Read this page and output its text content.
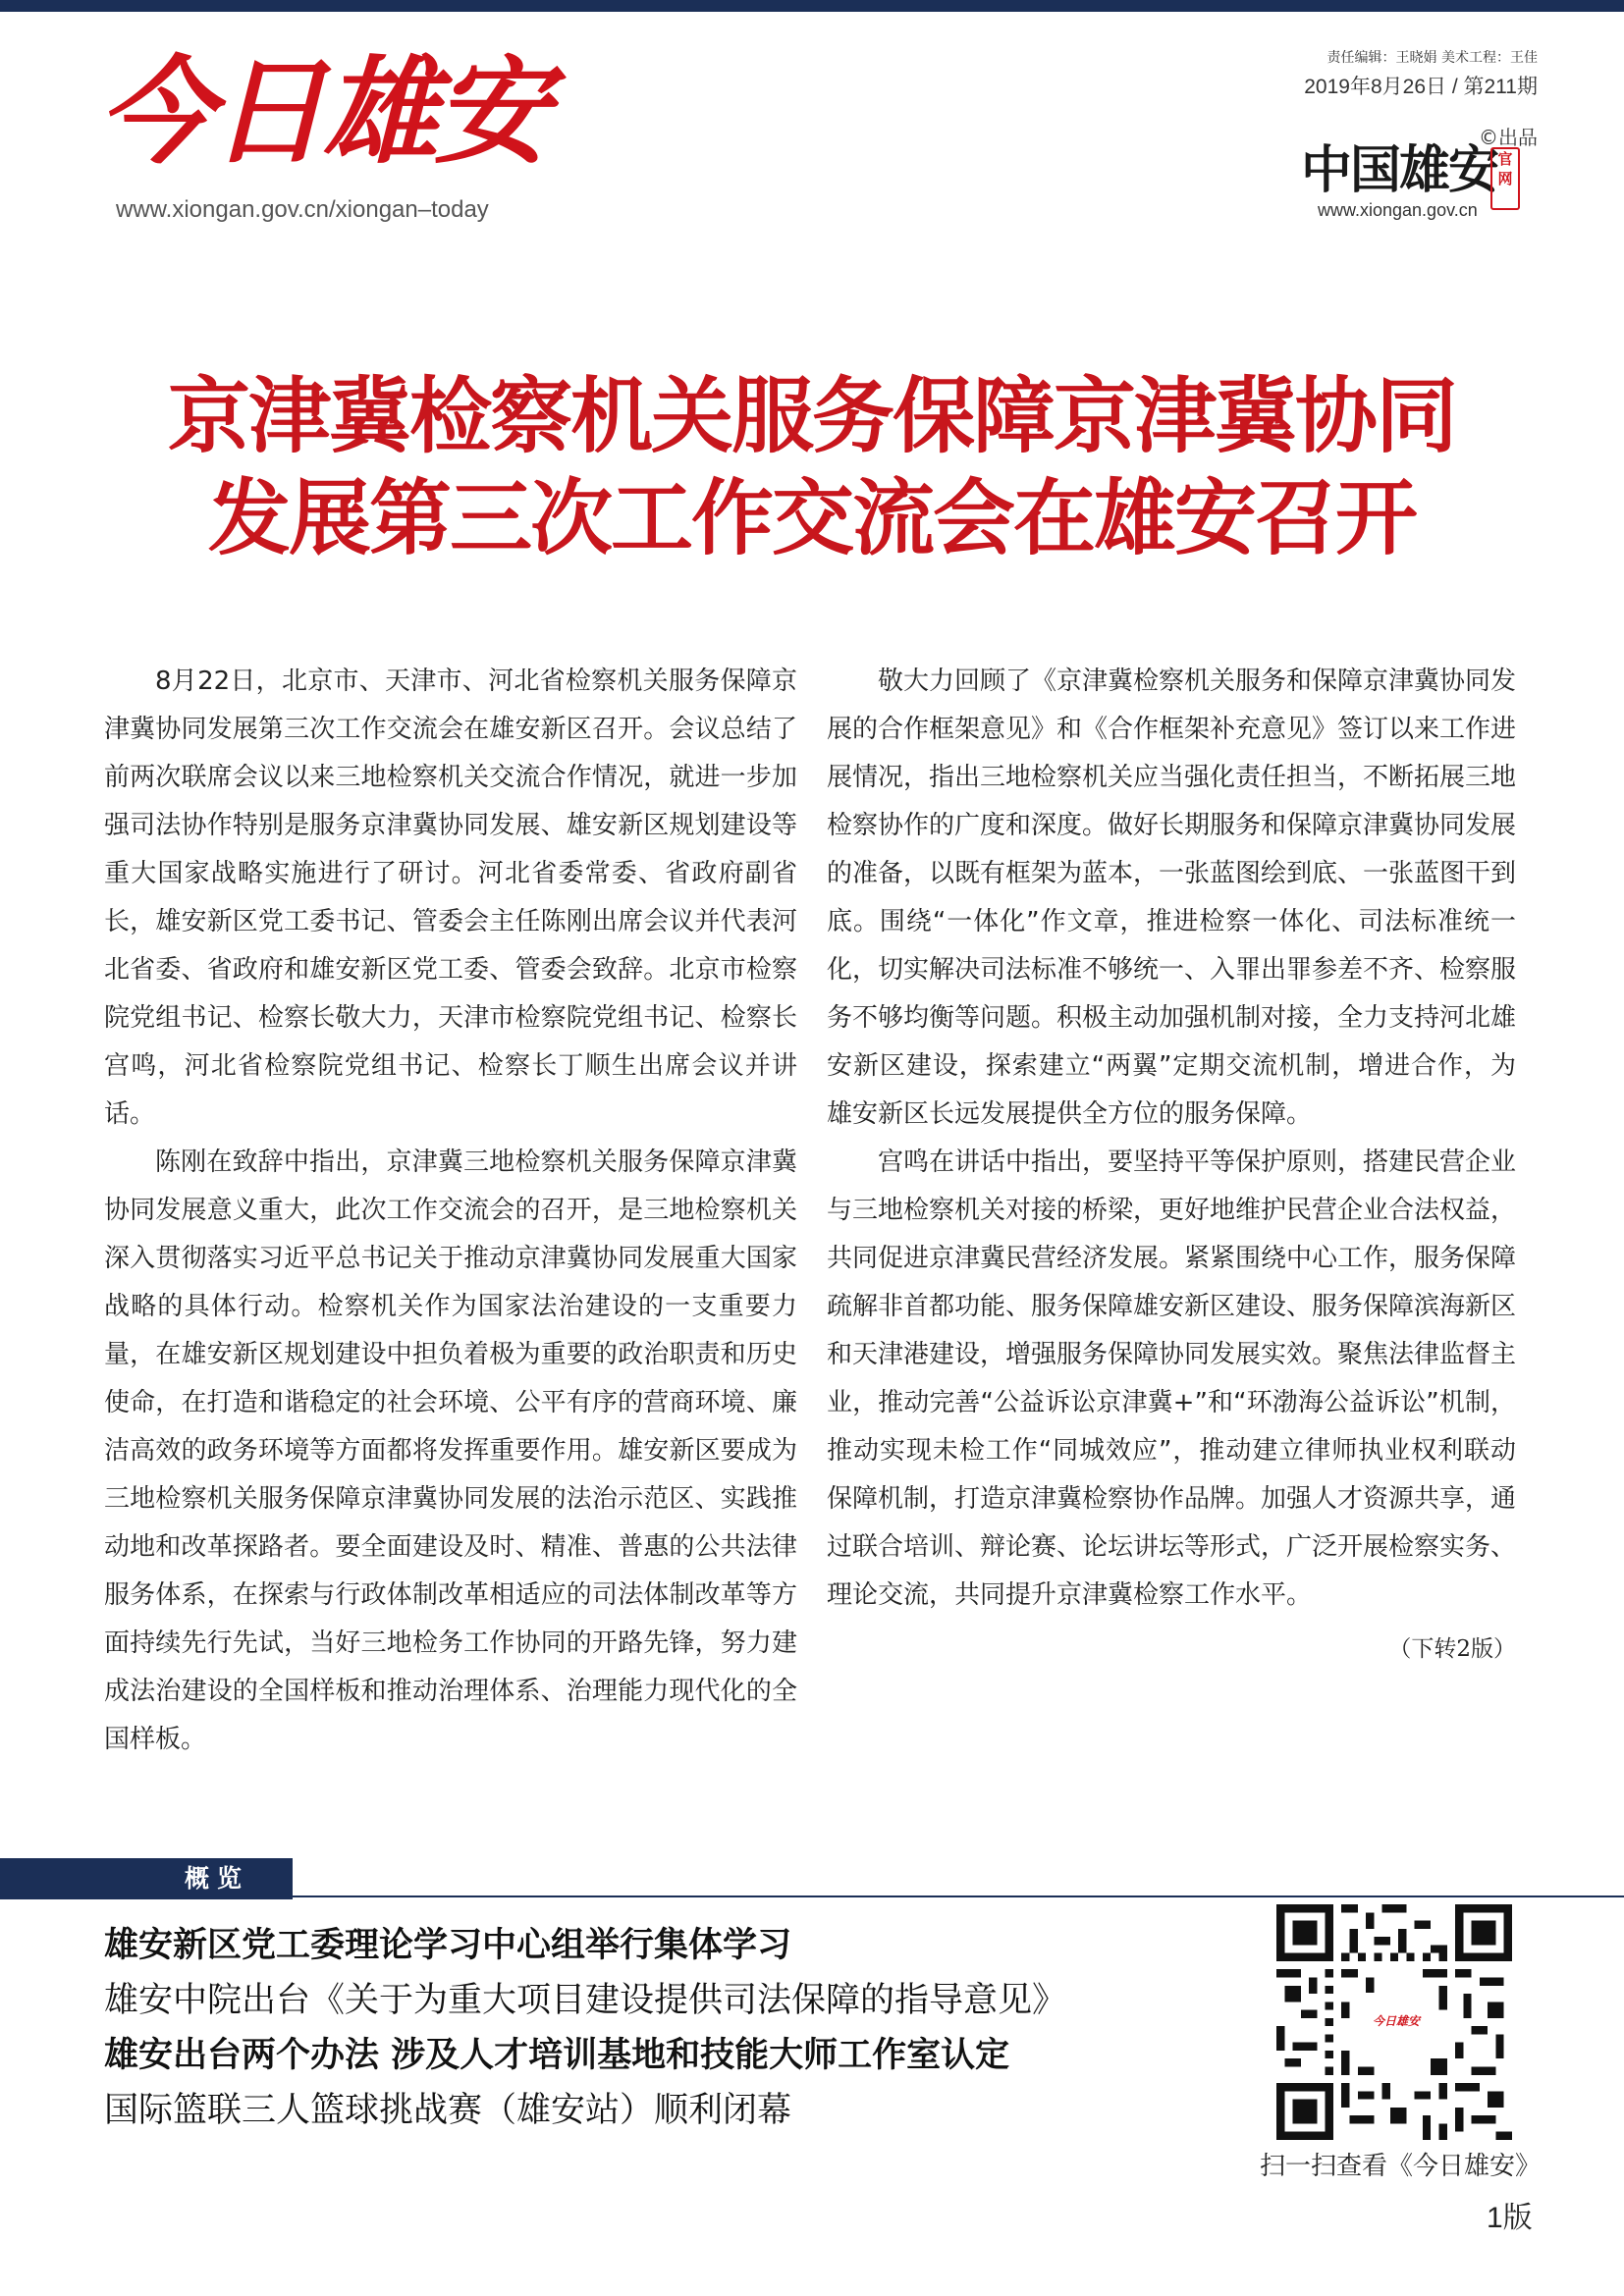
今日雄安
www.xiongan.gov.cn/xiongan–today
责任编辑：王晓娟 美术工程：王佳
2019年8月26日 / 第211期
©出品
中国雄安 官网
www.xiongan.gov.cn
京津冀检察机关服务保障京津冀协同
发展第三次工作交流会在雄安召开

8月22日，北京市、天津市、河北省检察机关服务保障京津冀协同发展第三次工作交流会在雄安新区召开。会议总结了前两次联席会议以来三地检察机关交流合作情况，就进一步加强司法协作特别是服务京津冀协同发展、雄安新区规划建设等重大国家战略实施进行了研讨。河北省委常委、省政府副省长，雄安新区党工委书记、管委会主任陈刚出席会议并代表河北省委、省政府和雄安新区党工委、管委会致辞。北京市检察院党组书记、检察长敬大力，天津市检察院党组书记、检察长宫鸣，河北省检察院党组书记、检察长丁顺生出席会议并讲话。

陈刚在致辞中指出，京津冀三地检察机关服务保障京津冀协同发展意义重大，此次工作交流会的召开，是三地检察机关深入贯彻落实习近平总书记关于推动京津冀协同发展重大国家战略的具体行动。检察机关作为国家法治建设的一支重要力量，在雄安新区规划建设中担负着极为重要的政治职责和历史使命，在打造和谐稳定的社会环境、公平有序的营商环境、廉洁高效的政务环境等方面都将发挥重要作用。雄安新区要成为三地检察机关服务保障京津冀协同发展的法治示范区、实践推动地和改革探路者。要全面建设及时、精准、普惠的公共法律服务体系，在探索与行政体制改革相适应的司法体制改革等方面持续先行先试，当好三地检务工作协同的开路先锋，努力建成法治建设的全国样板和推动治理体系、治理能力现代化的全国样板。

敬大力回顾了《京津冀检察机关服务和保障京津冀协同发展的合作框架意见》和《合作框架补充意见》签订以来工作进展情况，指出三地检察机关应当强化责任担当，不断拓展三地检察协作的广度和深度。做好长期服务和保障京津冀协同发展的准备，以既有框架为蓝本，一张蓝图绘到底、一张蓝图干到底。围绕“一体化”作文章，推进检察一体化、司法标准统一化，切实解决司法标准不够统一、入罪出罪参差不齐、检察服务不够均衡等问题。积极主动加强机制对接，全力支持河北雄安新区建设，探索建立“两翼”定期交流机制，增进合作，为雄安新区长远发展提供全方位的服务保障。

宫鸣在讲话中指出，要坚持平等保护原则，搭建民营企业与三地检察机关对接的桥梁，更好地维护民营企业合法权益，共同促进京津冀民营经济发展。紧紧围绕中心工作，服务保障疏解非首都功能、服务保障雄安新区建设、服务保障滨海新区和天津港建设，增强服务保障协同发展实效。聚焦法律监督主业，推动完善“公益诉讼京津冀+”和“环渤海公益诉讼”机制，推动实现未检工作“同城效应”，推动建立律师执业权利联动保障机制，打造京津冀检察协作品牌。加强人才资源共享，通过联合培训、辩论赛、论坛讲坛等形式，广泛开展检察实务、理论交流，共同提升京津冀检察工作水平。

（下转2版）

概览
雄安新区党工委理论学习中心组举行集体学习
雄安中院出台《关于为重大项目建设提供司法保障的指导意见》
雄安出台两个办法 涉及人才培训基地和技能大师工作室认定
国际篮联三人篮球挑战赛（雄安站）顺利闭幕
今日雄安
扫一扫查看《今日雄安》
1版
